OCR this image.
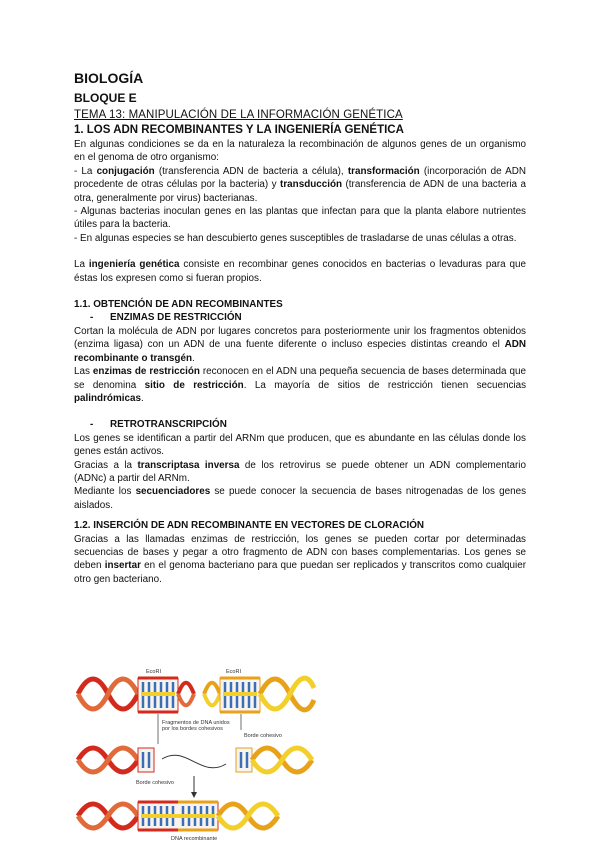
BIOLOGÍA
BLOQUE E
TEMA 13: MANIPULACIÓN DE LA INFORMACIÓN GENÉTICA
1. LOS ADN RECOMBINANTES Y LA INGENIERÍA GENÉTICA

En algunas condiciones se da en la naturaleza la recombinación de algunos genes de un organismo en el genoma de otro organismo:

- La conjugación (transferencia ADN de bacteria a célula), transformación (incorporación de ADN procedente de otras células por la bacteria) y transducción (transferencia de ADN de una bacteria a otra, generalmente por virus) bacterianas.

- Algunas bacterias inoculan genes en las plantas que infectan para que la planta elabore nutrientes útiles para la bacteria.

- En algunas especies se han descubierto genes susceptibles de trasladarse de unas células a otras.

La ingeniería genética consiste en recombinar genes conocidos en bacterias o levaduras para que éstas los expresen como si fueran propios.

1.1. OBTENCIÓN DE ADN RECOMBINANTES
- ENZIMAS DE RESTRICCIÓN

Cortan la molécula de ADN por lugares concretos para posteriormente unir los fragmentos obtenidos (enzima ligasa) con un ADN de una fuente diferente o incluso especies distintas creando el ADN recombinante o transgén.

Las enzimas de restricción reconocen en el ADN una pequeña secuencia de bases determinada que se denomina sitio de restricción. La mayoría de sitios de restricción tienen secuencias palindrómicas.

- RETROTRANSCRIPCIÓN

Los genes se identifican a partir del ARNm que producen, que es abundante en las células donde los genes están activos.

Gracias a la transcriptasa inversa de los retrovirus se puede obtener un ADN complementario (ADNc) a partir del ARNm.

Mediante los secuenciadores se puede conocer la secuencia de bases nitrogenadas de los genes aislados.

1.2. INSERCIÓN DE ADN RECOMBINANTE EN VECTORES DE CLORACIÓN

Gracias a las llamadas enzimas de restricción, los genes se pueden cortar por determinadas secuencias de bases y pegar a otro fragmento de ADN con bases complementarias. Los genes se deben insertar en el genoma bacteriano para que puedan ser replicados y transcritos como cualquier otro gen bacteriano.

EcoRI	EcoRI
Fragmentos de DNA unidos por los bordes cohesivos
Borde cohesivo
Borde cohesivo
DNA recombinante
